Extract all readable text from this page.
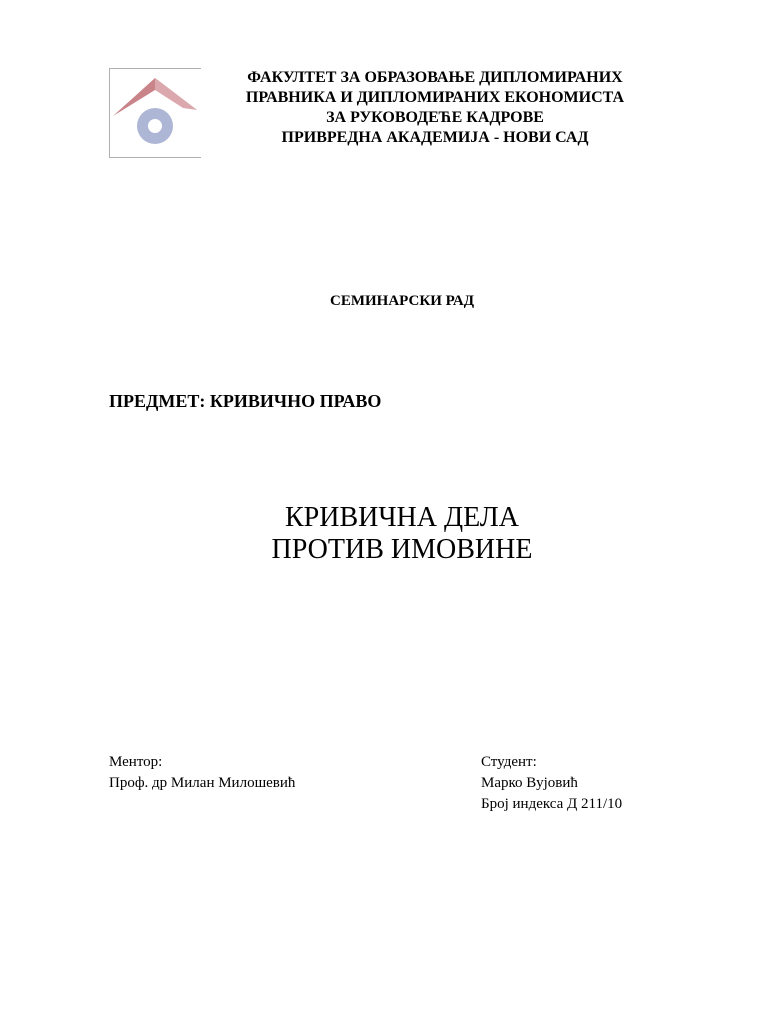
ФАКУЛТЕТ ЗА ОБРАЗОВАЊЕ ДИПЛОМИРАНИХ
ПРАВНИКА И ДИПЛОМИРАНИХ ЕКОНОМИСТА
ЗА РУКОВОДЕЋЕ КАДРОВЕ
ПРИВРЕДНА АКАДЕМИЈА - НОВИ САД
СЕМИНАРСКИ РАД
ПРЕДМЕТ: КРИВИЧНО ПРАВО
КРИВИЧНА ДЕЛА
ПРОТИВ ИМОВИНЕ
Ментор:
Проф. др Милан Милошевић
Студент:
Марко Вујовић
Број индекса Д 211/10
